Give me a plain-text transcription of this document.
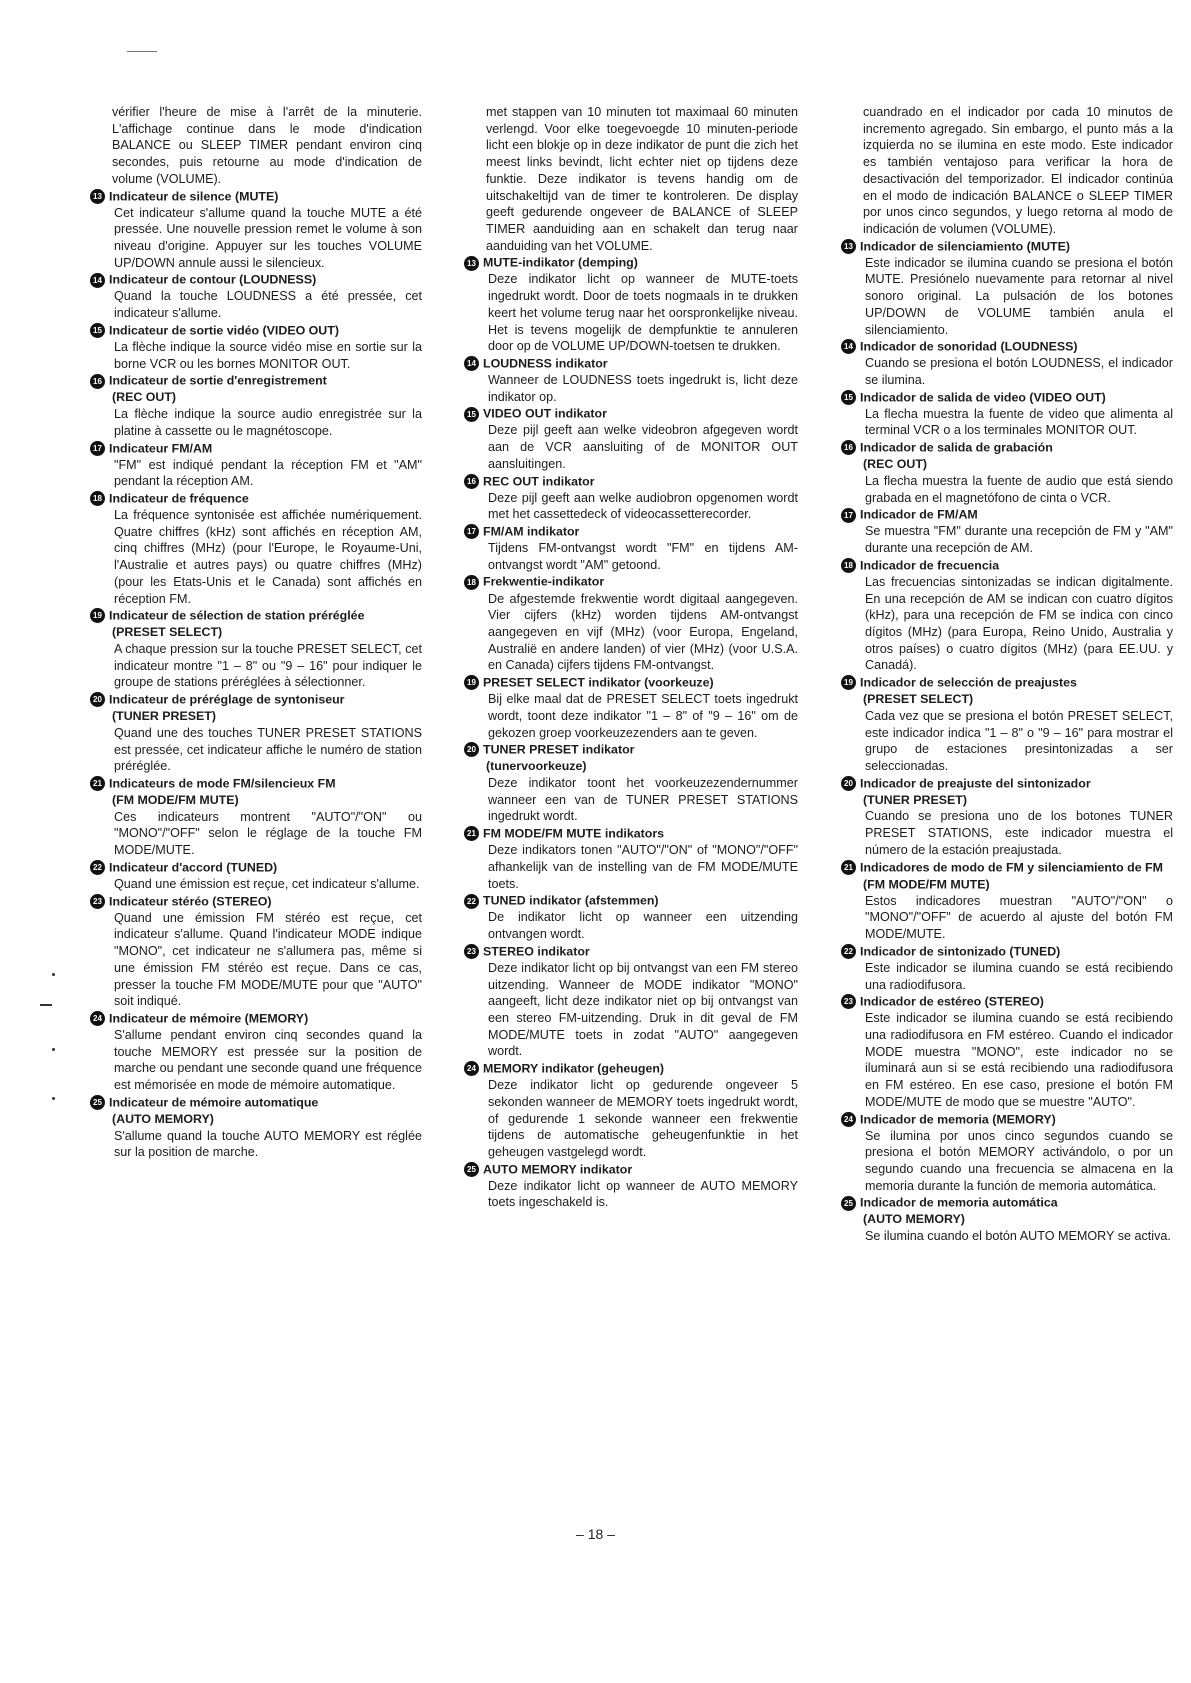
vérifier l'heure de mise à l'arrêt de la minuterie. L'affichage continue dans le mode d'indication BALANCE ou SLEEP TIMER pendant environ cinq secondes, puis retourne au mode d'indication de volume (VOLUME).

13 Indicateur de silence (MUTE)

Cet indicateur s'allume quand la touche MUTE a été pressée. Une nouvelle pression remet le volume à son niveau d'origine. Appuyer sur les touches VOLUME UP/DOWN annule aussi le silencieux.

14 Indicateur de contour (LOUDNESS)

Quand la touche LOUDNESS a été pressée, cet indicateur s'allume.

15 Indicateur de sortie vidéo (VIDEO OUT)

La flèche indique la source vidéo mise en sortie sur la borne VCR ou les bornes MONITOR OUT.

16 Indicateur de sortie d'enregistrement
(REC OUT)

La flèche indique la source audio enregistrée sur la platine à cassette ou le magnétoscope.

17 Indicateur FM/AM

"FM" est indiqué pendant la réception FM et "AM" pendant la réception AM.

18 Indicateur de fréquence

La fréquence syntonisée est affichée numériquement. Quatre chiffres (kHz) sont affichés en réception AM, cinq chiffres (MHz) (pour l'Europe, le Royaume-Uni, l'Australie et autres pays) ou quatre chiffres (MHz) (pour les Etats-Unis et le Canada) sont affichés en réception FM.

19 Indicateur de sélection de station préréglée
(PRESET SELECT)

A chaque pression sur la touche PRESET SELECT, cet indicateur montre "1 – 8" ou "9 – 16" pour indiquer le groupe de stations préréglées à sélectionner.

20 Indicateur de préréglage de syntoniseur
(TUNER PRESET)

Quand une des touches TUNER PRESET STATIONS est pressée, cet indicateur affiche le numéro de station préréglée.

21 Indicateurs de mode FM/silencieux FM
(FM MODE/FM MUTE)

Ces indicateurs montrent "AUTO"/"ON" ou "MONO"/"OFF" selon le réglage de la touche FM MODE/MUTE.

22 Indicateur d'accord (TUNED)

Quand une émission est reçue, cet indicateur s'allume.

23 Indicateur stéréo (STEREO)

Quand une émission FM stéréo est reçue, cet indicateur s'allume. Quand l'indicateur MODE indique "MONO", cet indicateur ne s'allumera pas, même si une émission FM stéréo est reçue. Dans ce cas, presser la touche FM MODE/MUTE pour que "AUTO" soit indiqué.

24 Indicateur de mémoire (MEMORY)

S'allume pendant environ cinq secondes quand la touche MEMORY est pressée sur la position de marche ou pendant une seconde quand une fréquence est mémorisée en mode de mémoire automatique.

25 Indicateur de mémoire automatique
(AUTO MEMORY)

S'allume quand la touche AUTO MEMORY est réglée sur la position de marche.

met stappen van 10 minuten tot maximaal 60 minuten verlengd. Voor elke toegevoegde 10 minuten-periode licht een blokje op in deze indikator de punt die zich het meest links bevindt, licht echter niet op tijdens deze funktie. Deze indikator is tevens handig om de uitschakeltijd van de timer te kontroleren. De display geeft gedurende ongeveer de BALANCE of SLEEP TIMER aanduiding aan en schakelt dan terug naar aanduiding van het VOLUME.

13 MUTE-indikator (demping)

Deze indikator licht op wanneer de MUTE-toets ingedrukt wordt. Door de toets nogmaals in te drukken keert het volume terug naar het oorspronkelijke niveau. Het is tevens mogelijk de dempfunktie te annuleren door op de VOLUME UP/DOWN-toetsen te drukken.

14 LOUDNESS indikator

Wanneer de LOUDNESS toets ingedrukt is, licht deze indikator op.

15 VIDEO OUT indikator

Deze pijl geeft aan welke videobron afgegeven wordt aan de VCR aansluiting of de MONITOR OUT aansluitingen.

16 REC OUT indikator

Deze pijl geeft aan welke audiobron opgenomen wordt met het cassettedeck of videocassetterecorder.

17 FM/AM indikator

Tijdens FM-ontvangst wordt "FM" en tijdens AM-ontvangst wordt "AM" getoond.

18 Frekwentie-indikator

De afgestemde frekwentie wordt digitaal aangegeven. Vier cijfers (kHz) worden tijdens AM-ontvangst aangegeven en vijf (MHz) (voor Europa, Engeland, Australië en andere landen) of vier (MHz) (voor U.S.A. en Canada) cijfers tijdens FM-ontvangst.

19 PRESET SELECT indikator (voorkeuze)

Bij elke maal dat de PRESET SELECT toets ingedrukt wordt, toont deze indikator "1 – 8" of "9 – 16" om de gekozen groep voorkeuzezenders aan te geven.

20 TUNER PRESET indikator
(tunervoorkeuze)

Deze indikator toont het voorkeuzezendernummer wanneer een van de TUNER PRESET STATIONS ingedrukt wordt.

21 FM MODE/FM MUTE indikators

Deze indikators tonen "AUTO"/"ON" of "MONO"/"OFF" afhankelijk van de instelling van de FM MODE/MUTE toets.

22 TUNED indikator (afstemmen)

De indikator licht op wanneer een uitzending ontvangen wordt.

23 STEREO indikator

Deze indikator licht op bij ontvangst van een FM stereo uitzending. Wanneer de MODE indikator "MONO" aangeeft, licht deze indikator niet op bij ontvangst van een stereo FM-uitzending. Druk in dit geval de FM MODE/MUTE toets in zodat "AUTO" aangegeven wordt.

24 MEMORY indikator (geheugen)

Deze indikator licht op gedurende ongeveer 5 sekonden wanneer de MEMORY toets ingedrukt wordt, of gedurende 1 sekonde wanneer een frekwentie tijdens de automatische geheugenfunktie in het geheugen vastgelegd wordt.

25 AUTO MEMORY indikator

Deze indikator licht op wanneer de AUTO MEMORY toets ingeschakeld is.

cuandrado en el indicador por cada 10 minutos de incremento agregado. Sin embargo, el punto más a la izquierda no se ilumina en este modo. Este indicador es también ventajoso para verificar la hora de desactivación del temporizador. El indicador continúa en el modo de indicación BALANCE o SLEEP TIMER por unos cinco segundos, y luego retorna al modo de indicación de volumen (VOLUME).

13 Indicador de silenciamiento (MUTE)

Este indicador se ilumina cuando se presiona el botón MUTE. Presiónelo nuevamente para retornar al nivel sonoro original. La pulsación de los botones UP/DOWN de VOLUME también anula el silenciamiento.

14 Indicador de sonoridad (LOUDNESS)

Cuando se presiona el botón LOUDNESS, el indicador se ilumina.

15 Indicador de salida de video (VIDEO OUT)

La flecha muestra la fuente de video que alimenta al terminal VCR o a los terminales MONITOR OUT.

16 Indicador de salida de grabación
(REC OUT)

La flecha muestra la fuente de audio que está siendo grabada en el magnetófono de cinta o VCR.

17 Indicador de FM/AM

Se muestra "FM" durante una recepción de FM y "AM" durante una recepción de AM.

18 Indicador de frecuencia

Las frecuencias sintonizadas se indican digitalmente. En una recepción de AM se indican con cuatro dígitos (kHz), para una recepción de FM se indica con cinco dígitos (MHz) (para Europa, Reino Unido, Australia y otros países) o cuatro dígitos (MHz) (para EE.UU. y Canadá).

19 Indicador de selección de preajustes
(PRESET SELECT)

Cada vez que se presiona el botón PRESET SELECT, este indicador indica "1 – 8" o "9 – 16" para mostrar el grupo de estaciones presintonizadas a ser seleccionadas.

20 Indicador de preajuste del sintonizador
(TUNER PRESET)

Cuando se presiona uno de los botones TUNER PRESET STATIONS, este indicador muestra el número de la estación preajustada.

21 Indicadores de modo de FM y silenciamiento de FM (FM MODE/FM MUTE)

Estos indicadores muestran "AUTO"/"ON" o "MONO"/"OFF" de acuerdo al ajuste del botón FM MODE/MUTE.

22 Indicador de sintonizado (TUNED)

Este indicador se ilumina cuando se está recibiendo una radiodifusora.

23 Indicador de estéreo (STEREO)

Este indicador se ilumina cuando se está recibiendo una radiodifusora en FM estéreo. Cuando el indicador MODE muestra "MONO", este indicador no se iluminará aun si se está recibiendo una radiodifusora en FM estéreo. En ese caso, presione el botón FM MODE/MUTE de modo que se muestre "AUTO".

24 Indicador de memoria (MEMORY)

Se ilumina por unos cinco segundos cuando se presiona el botón MEMORY activándolo, o por un segundo cuando una frecuencia se almacena en la memoria durante la función de memoria automática.

25 Indicador de memoria automática
(AUTO MEMORY)

Se ilumina cuando el botón AUTO MEMORY se activa.

– 18 –
